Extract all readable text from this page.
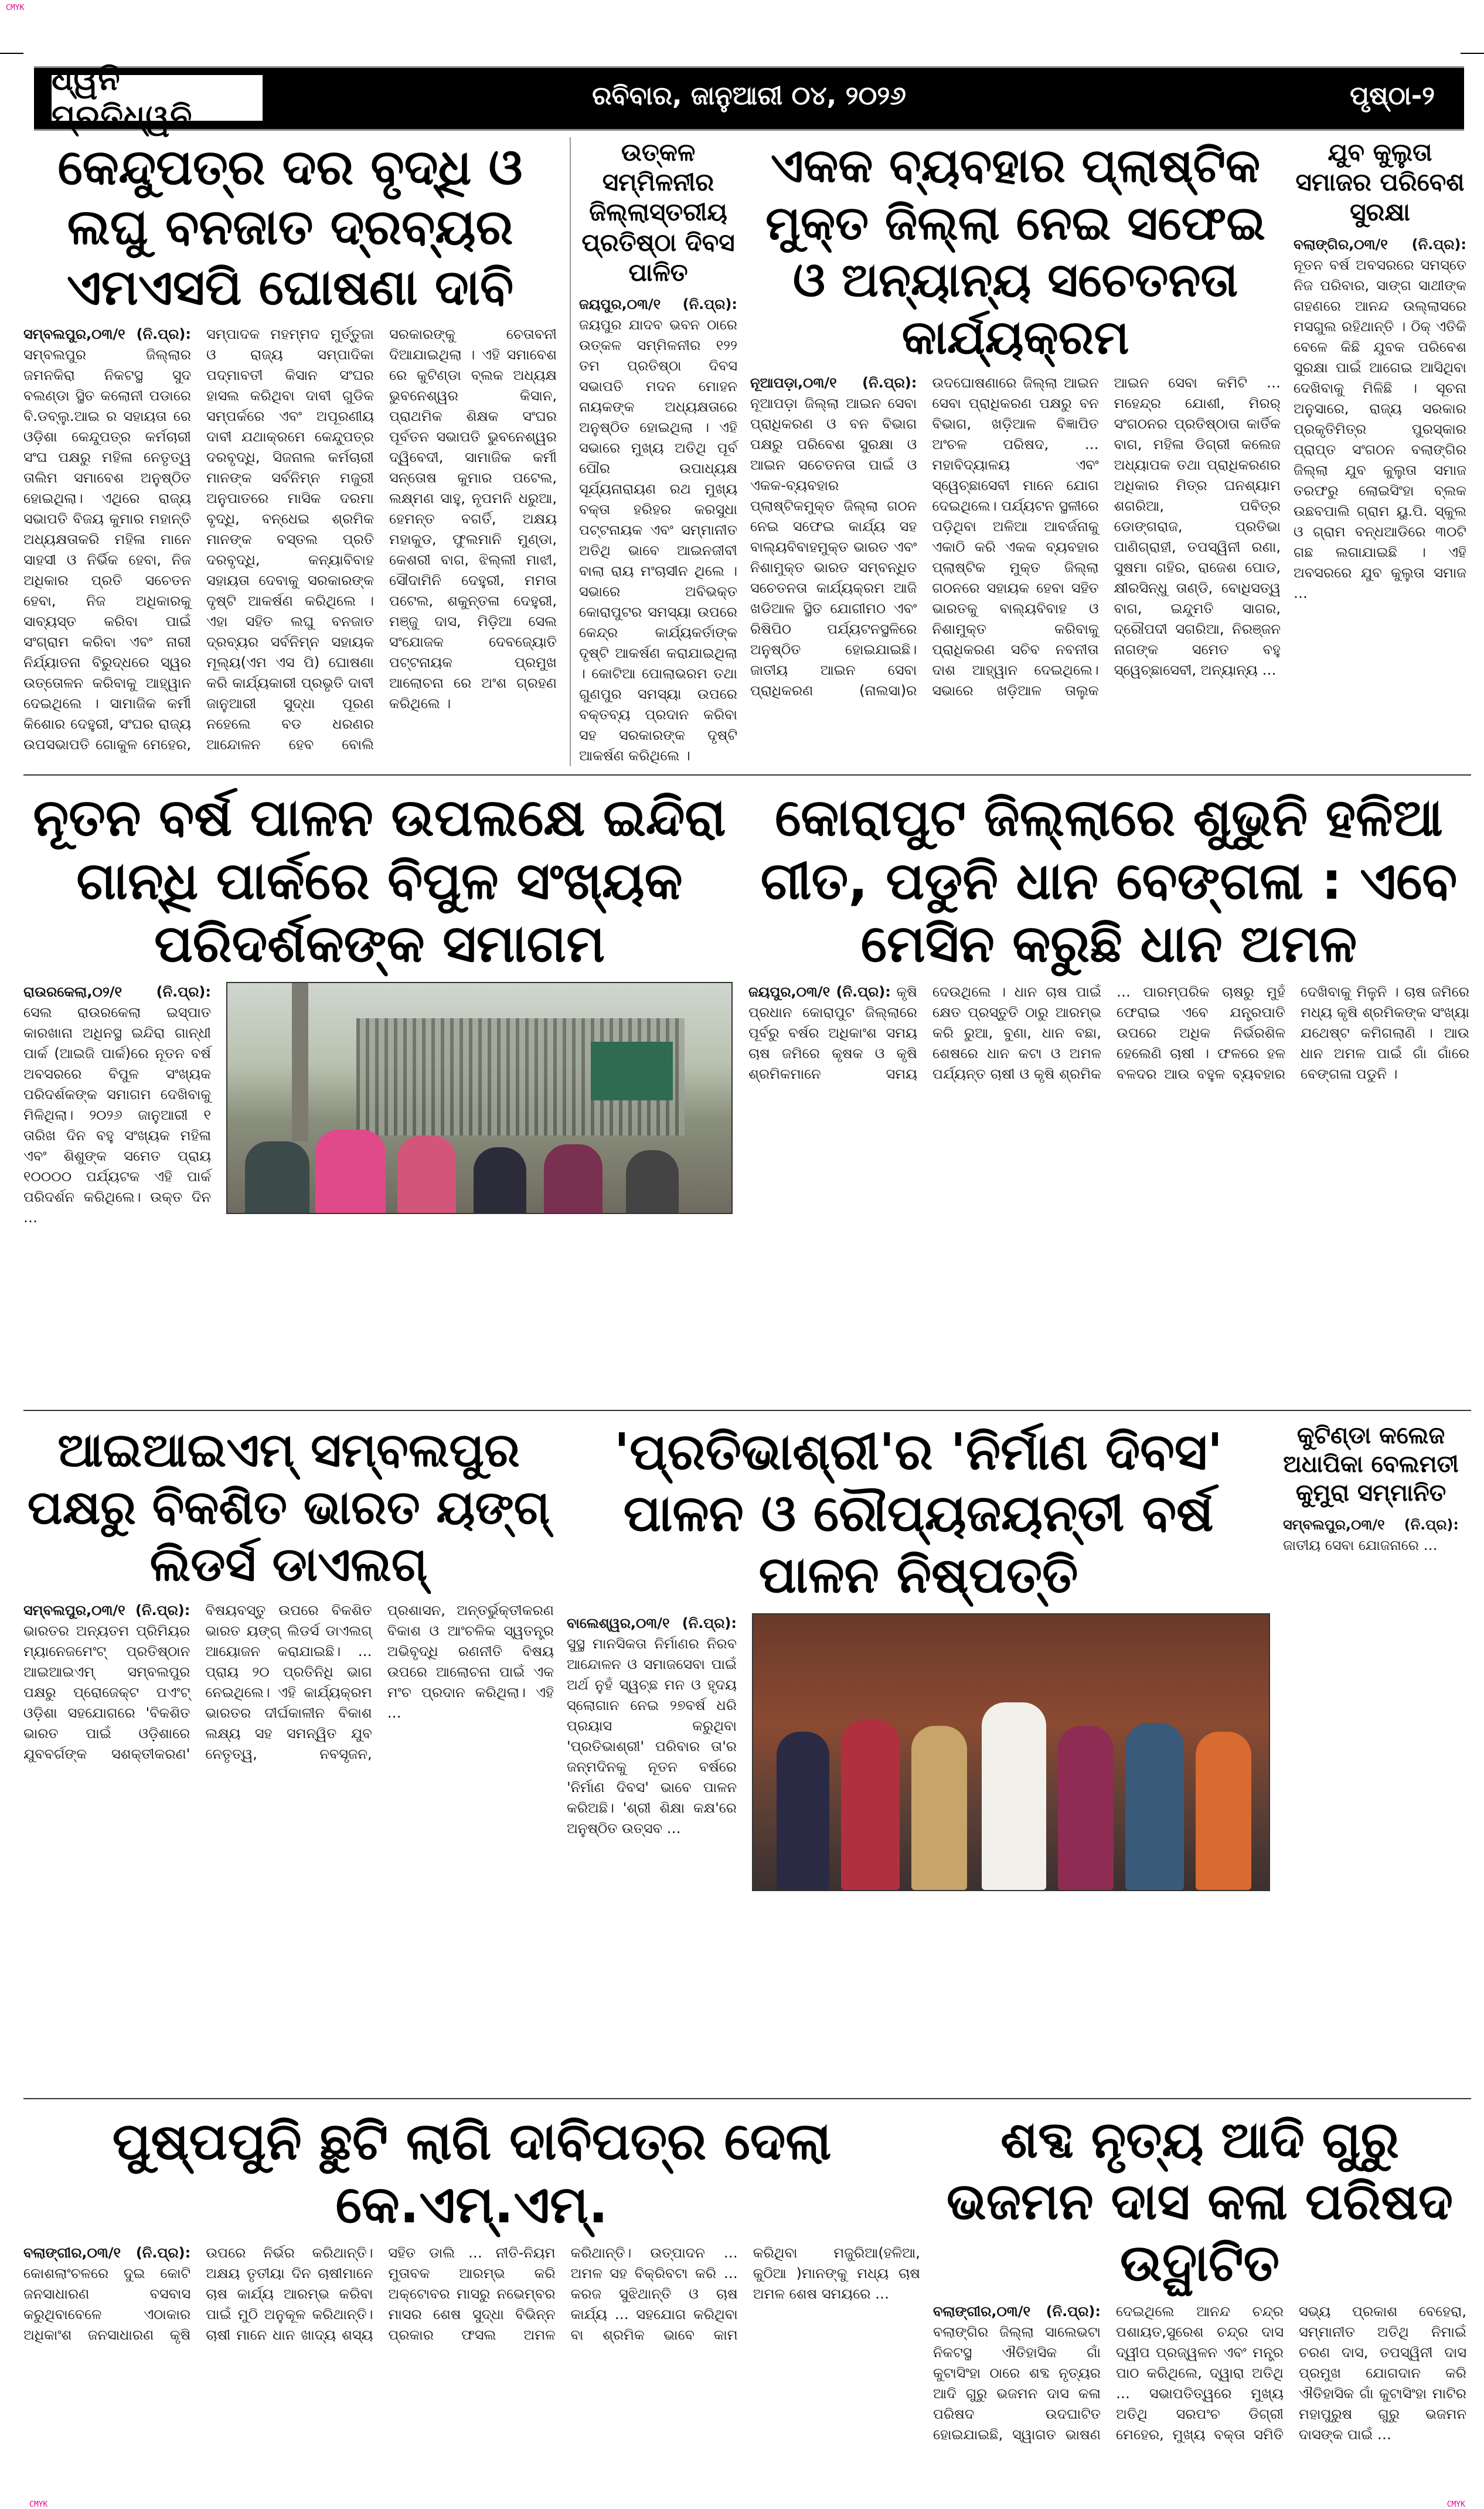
CMYK
ଧ୍ୱନି ପ୍ରତିଧ୍ୱନି
ରବିବାର, ଜାନୁଆରୀ ୦୪, ୨୦୨୬	ପୃଷ୍ଠା-୨
କେନ୍ଦୁପତ୍ର ଦର ବୃଦ୍ଧି ଓ ଲଘୁ ବନଜାତ ଦ୍ରବ୍ୟର ଏମଏସପି ଘୋଷଣା ଦାବି
ସମ୍ବଲପୁର,୦୩/୧ (ନି.ପ୍ର): ସମ୍ବଲପୁର ଜିଲ୍ଲାର ଜମନକିରା ନିକଟସ୍ଥ ସୁଦ ବଲଣ୍ଡା ସ୍ଥିତ କଲୋନୀ ପଡାରେ ବି.ଡବ୍ଲୁ.ଆଇ ର ସହାୟତା ରେ ଓଡ଼ିଶା କେନ୍ଦୁପତ୍ର କର୍ମଚାରୀ ସଂଘ ପକ୍ଷରୁ ମହିଳା ନେତୃତ୍ୱ ତାଲିମ ସମାବେଶ ଅନୁଷ୍ଠିତ ହୋଇଥିଲା। ଏଥିରେ ରାଜ୍ୟ ସଭାପତି ବିଜୟ କୁମାର ମହାନ୍ତି ଅଧ୍ୟକ୍ଷତାକରି ମହିଳା ମାନେ ସାହସୀ ଓ ନିର୍ଭିକ ହେବା, ନିଜ ଅଧିକାର ପ୍ରତି ସଚେତନ ହେବା, ନିଜ ଅଧିକାରକୁ ସାବ୍ୟସ୍ତ କରିବା ପାଇଁ ସଂଗ୍ରାମ କରିବା ଏବଂ ନାରୀ ନିର୍ଯ୍ୟାତନା ବିରୁଦ୍ଧରେ ସ୍ୱର ଉତ୍ତୋଳନ କରିବାକୁ ଆହ୍ୱାନ ଦେଇଥିଲେ । ସାମାଜିକ କର୍ମୀ କିଶୋର ଦେହୁରୀ, ସଂଘର ରାଜ୍ୟ ଉପସଭାପତି ଗୋକୁଳ ମେହେର, ସମ୍ପାଦକ ମହମ୍ମଦ ମୁର୍ତ୍ତୁଜା ଓ ରାଜ୍ୟ ସମ୍ପାଦିକା ପଦ୍ମାବତୀ କିସାନ ସଂଘର ହାସଲ କରିଥିବା ଦାବୀ ଗୁଡିକ ସମ୍ପର୍କରେ ଏବଂ ଅପୂରଣୀୟ ଦାବୀ ଯଥାକ୍ରମେ କେନ୍ଦୁପତ୍ର ଦରବୃଦ୍ଧି, ସିଜନାଲ କର୍ମଚାରୀ ମାନଙ୍କ ସର୍ବନିମ୍ନ ମଜୁରୀ ଅନୁପାତରେ ମାସିକ ଦରମା ବୃଦ୍ଧି, ବନ୍ଧେଇ ଶ୍ରମିକ ମାନଙ୍କ ବସ୍ତଲ ପ୍ରତି ଦରବୃଦ୍ଧି, କନ୍ୟାବିବାହ ସହାୟତା ଦେବାକୁ ସରକାରଙ୍କ ଦୃଷ୍ଟି ଆକର୍ଷଣ କରିଥିଲେ । ଏହା ସହିତ ଲଘୁ ବନଜାତ ଦ୍ରବ୍ୟର ସର୍ବନିମ୍ନ ସହାୟକ ମୂଲ୍ୟ(ଏମ ଏସ ପି) ଘୋଷଣା କରି କାର୍ଯ୍ୟକାରୀ ପ୍ରଭୃତି ଦାବୀ ଜାନୁଆରୀ ସୁଦ୍ଧା ପୂରଣ ନହେଲେ ବଡ ଧରଣର ଆନ୍ଦୋଳନ ହେବ ବୋଲି ସରକାରଙ୍କୁ ଚେତାବନୀ ଦିଆଯାଇଥିଲା । ଏହି ସମାବେଶ ରେ କୁଟିଣ୍ଡା ବ୍ଲକ ଅଧ୍ୟକ୍ଷ ଭୁବନେଶ୍ୱର କିସାନ, ପ୍ରାଥମିକ ଶିକ୍ଷକ ସଂଘର ପୂର୍ବତନ ସଭାପତି ଭୁବନେଶ୍ୱର ଦ୍ୱିବେଦୀ, ସାମାଜିକ କର୍ମୀ ସନ୍ତୋଷ କୁମାର ପଟେଲ, ଲକ୍ଷ୍ମଣ ସାହୁ, ନୃପମନି ଧରୁଆ, ହେମନ୍ତ ବଗର୍ତି, ଅକ୍ଷୟ ମହାକୁଡ, ଫୁଲମାନି ମୁଣ୍ଡା, କେଶରୀ ବାଗ, ଝିଲ୍ଲୀ ମାଝୀ, ସୌଦାମିନି ଦେହୁରୀ, ମମତା ପଟେଲ, ଶକୁନ୍ତଳା ଦେହୁରୀ, ମଞ୍ଜୁ ଦାସ, ମିଡ଼ିଆ ସେଲ ସଂଯୋଜକ ଦେବଜ୍ୟୋତି ପଟ୍ଟନାୟକ ପ୍ରମୁଖ ଆଲୋଚନା ରେ ଅଂଶ ଗ୍ରହଣ କରିଥିଲେ ।
ଉତ୍କଳ ସମ୍ମିଳନୀର ଜିଲ୍ଲାସ୍ତରୀୟ ପ୍ରତିଷ୍ଠା ଦିବସ ପାଳିତ
ଜୟପୁର,୦୩/୧ (ନି.ପ୍ର): ଜୟପୁର ଯାଦବ ଭବନ ଠାରେ ଉତ୍କଳ ସମ୍ମିଳନୀର ୧୨୨ ତମ ପ୍ରତିଷ୍ଠା ଦିବସ ସଭାପତି ମଦନ ମୋହନ ନାୟକଙ୍କ ଅଧ୍ୟକ୍ଷତାରେ ଅନୁଷ୍ଠିତ ହୋଇଥିଲା । ଏହି ସଭାରେ ମୁଖ୍ୟ ଅତିଥି ପୂର୍ବ ପୌର ଉପାଧ୍ୟକ୍ଷ ସୂର୍ଯ୍ୟନାରାୟଣ ରଥ ମୁଖ୍ୟ ବକ୍ତା ହରିହର କରସୁଧା ପଟ୍ଟନାୟକ ଏବଂ ସମ୍ମାନୀତ ଅତିଥି ଭାବେ ଆଇନଜୀବୀ ବାଲା ରାୟ ମଂଚାସୀନ ଥିଲେ । ସଭାରେ ଅବିଭକ୍ତ କୋରାପୁଟର ସମସ୍ୟା ଉପରେ କେନ୍ଦ୍ର କାର୍ଯ୍ୟକର୍ତାଙ୍କ ଦୃଷ୍ଟି ଆକର୍ଷଣ କରାଯାଇଥିଲା । କୋଟିଆ ପୋଲାଭରମ ତଥା ଗୁଣପୁର ସମସ୍ୟା ଉପରେ ବକ୍ତବ୍ୟ ପ୍ରଦାନ କରିବା ସହ ସରକାରଙ୍କ ଦୃଷ୍ଟି ଆକର୍ଷଣ କରିଥିଲେ ।
ଏକକ ବ୍ୟବହାର ପ୍ଲାଷ୍ଟିକ ମୁକ୍ତ ଜିଲ୍ଲା ନେଇ ସଫେଇ ଓ ଅନ୍ୟାନ୍ୟ ସଚେତନତା କାର୍ଯ୍ୟକ୍ରମ
ନୂଆପଡ଼ା,୦୩/୧ (ନି.ପ୍ର): ନୂଆପଡ଼ା ଜିଲ୍ଲା ଆଇନ ସେବା ପ୍ରାଧିକରଣ ଓ ବନ ବିଭାଗ ପକ୍ଷରୁ ପରିବେଶ ସୁରକ୍ଷା ଓ ଆଇନ ସଚେତନତା ପାଇଁ ଓ ଏକକ-ବ୍ୟବହାର ପ୍ଲାଷ୍ଟିକମୁକ୍ତ ଜିଲ୍ଲା ଗଠନ ନେଇ ସଫେଇ କାର୍ଯ୍ୟ ସହ ବାଲ୍ୟବିବାହମୁକ୍ତ ଭାରତ ଏବଂ ନିଶାମୁକ୍ତ ଭାରତ ସମ୍ବନ୍ଧିତ ସଚେତନତା କାର୍ଯ୍ୟକ୍ରମ ଆଜି ଖଡିଆଳ ସ୍ଥିତ ଯୋଗୀମଠ ଏବଂ ରିଷିପିଠ ପର୍ଯ୍ୟଟନସ୍ଥଳିରେ ଅନୁଷ୍ଠିତ ହୋଇଯାଇଛି। ଜାତୀୟ ଆଇନ ସେବା ପ୍ରାଧିକରଣ (ନାଲସା)ର ଉଦଘୋଷଣାରେ ଜିଲ୍ଲା ଆଇନ ସେବା ପ୍ରାଧିକରଣ ପକ୍ଷରୁ ବନ ବିଭାଗ, ଖଡ଼ିଆଳ ବିଜ୍ଞାପିତ ଅଂଚଳ ପରିଷଦ, … ମହାବିଦ୍ୟାଳୟ ଏବଂ ସ୍ୱେଚ୍ଛାସେବୀ ମାନେ ଯୋଗ ଦେଇଥିଲେ। ପର୍ଯ୍ୟଟନ ସ୍ଥଳୀରେ ପଡ଼ିଥିବା ଅଳିଆ ଆବର୍ଜନାକୁ ଏକାଠି କରି ଏକକ ବ୍ୟବହାର ପ୍ଲାଷ୍ଟିକ ମୁକ୍ତ ଜିଲ୍ଲା ଗଠନରେ ସହାୟକ ହେବା ସହିତ ଭାରତକୁ ବାଲ୍ୟବିବାହ ଓ ନିଶାମୁକ୍ତ କରିବାକୁ ପ୍ରାଧିକରଣ ସଚିବ ନବନୀତା ଦାଶ ଆହ୍ୱାନ ଦେଇଥିଲେ। ସଭାରେ ଖଡ଼ିଆଳ ତାଲୁକ ଆଇନ ସେବା କମିଟି … ମହେନ୍ଦ୍ର ଯୋଶୀ, ମିରର୍ ସଂଗଠନର ପ୍ରତିଷ୍ଠାତା କାର୍ତିକ ବାଗ, ମହିଳା ଡିଗ୍ରୀ କଲେଜ ଅଧ୍ୟାପକ ତଥା ପ୍ରାଧିକରଣର ଅଧିକାର ମିତ୍ର ଘନଶ୍ୟାମ ଶଗରିଆ, ପବିତ୍ର ଡୋଙ୍ଗରାଜ, ପ୍ରତିଭା ପାଣିଗ୍ରାହୀ, ତପସ୍ୱିନୀ ରଣା, ସୁଷମା ଗହିର, ରାଜେଶ ପୋଡ, କ୍ଷୀରସିନ୍ଧୁ ତାଣ୍ଡି, ବୋଧିସତ୍ୱ ବାଗ, ଇନ୍ଦୁମତି ସାଗର, ଦ୍ରୌପଦୀ ସଗରିଆ, ନିରଞ୍ଜନ ନାଗଙ୍କ ସମେତ ବହୁ ସ୍ୱେଚ୍ଛାସେବୀ, ଅନ୍ୟାନ୍ୟ …
ଯୁବ କୁଲୁତା ସମାଜର ପରିବେଶ ସୁରକ୍ଷା
ବଲାଙ୍ଗିର,୦୩/୧ (ନି.ପ୍ର): ନୂତନ ବର୍ଷ ଅବସରରେ ସମସ୍ତେ ନିଜ ପରିବାର, ସାଙ୍ଗ ସାଥୀଙ୍କ ଗହଣରେ ଆନନ୍ଦ ଉଲ୍ଲାସରେ ମସଗୁଲ ରହିଥାନ୍ତି । ଠିକ୍ ଏତିକି ବେଳେ କିଛି ଯୁବକ ପରିବେଶ ସୁରକ୍ଷା ପାଇଁ ଆଗେଇ ଆସିଥିବା ଦେଖିବାକୁ ମିଳିଛି । ସୂଚନା ଅନୁସାରେ, ରାଜ୍ୟ ସରକାର ପ୍ରକୃତିମିତ୍ର ପୁରସ୍କାର ପ୍ରାପ୍ତ ସଂଗଠନ ବଲାଙ୍ଗିର ଜିଲ୍ଲା ଯୁବ କୁଲୁତା ସମାଜ ତରଫରୁ ଲୋଇସିଂହା ବ୍ଲକ ଉଛବପାଲି ଗ୍ରାମ ୟୁ.ପି. ସ୍କୁଲ ଓ ଗ୍ରାମ ବନ୍ଧଆଡିରେ ୩୦ଟି ଗଛ ଲଗାଯାଇଛି । ଏହି ଅବସରରେ ଯୁବ କୁଲୁତା ସମାଜ …
ନୂତନ ବର୍ଷ ପାଳନ ଉପଲକ୍ଷେ ଇନ୍ଦିରା ଗାନ୍ଧି ପାର୍କରେ ବିପୁଳ ସଂଖ୍ୟକ ପରିଦର୍ଶକଙ୍କ ସମାଗମ
ରାଉରକେଲା,୦୨/୧ (ନି.ପ୍ର): ସେଲ ରାଉରକେଲା ଇସ୍ପାତ କାରଖାନା ଅଧିନସ୍ଥ ଇନ୍ଦିରା ଗାନ୍ଧୀ ପାର୍କ (ଆଇଜି ପାର୍କ)ରେ ନୂତନ ବର୍ଷ ଅବସରରେ ବିପୁଳ ସଂଖ୍ୟକ ପରିଦର୍ଶକଙ୍କ ସମାଗମ ଦେଖିବାକୁ ମିଳିଥିଲା। ୨୦୨୬ ଜାନୁଆରୀ ୧ ତାରିଖ ଦିନ ବହୁ ସଂଖ୍ୟକ ମହିଳା ଏବଂ ଶିଶୁଙ୍କ ସମେତ ପ୍ରାୟ ୧୦୦୦୦ ପର୍ଯ୍ୟଟକ ଏହି ପାର୍କ ପରିଦର୍ଶନ କରିଥିଲେ। ଉକ୍ତ ଦିନ …
କୋରାପୁଟ ଜିଲ୍ଲାରେ ଶୁଭୁନି ହଳିଆ ଗୀତ, ପଡୁନି ଧାନ ବେଙ୍ଗଳା : ଏବେ ମେସିନ କରୁଛି ଧାନ ଅମଳ
ଜୟପୁର,୦୩/୧ (ନି.ପ୍ର): କୃଷି ପ୍ରଧାନ କୋରାପୁଟ ଜିଲ୍ଲାରେ ପୂର୍ବରୁ ବର୍ଷର ଅଧିକାଂଶ ସମୟ ଚାଷ ଜମିରେ କୃଷକ ଓ କୃଷି ଶ୍ରମିକମାନେ ସମୟ ଦେଉଥିଲେ । ଧାନ ଚାଷ ପାଇଁ କ୍ଷେତ ପ୍ରସ୍ତୁତି ଠାରୁ ଆରମ୍ଭ କରି ରୁଆ, ବୁଣା, ଧାନ ବଛା, ଶେଷରେ ଧାନ କଟା ଓ ଅମଳ ପର୍ଯ୍ୟନ୍ତ ଚାଷୀ ଓ କୃଷି ଶ୍ରମିକ … ପାରମ୍ପରିକ ଚାଷରୁ ମୁହଁ ଫେରାଇ ଏବେ ଯନ୍ତ୍ରପାତି ଉପରେ ଅଧିକ ନିର୍ଭରଶିଳ ହେଲେଣି ଚାଷୀ । ଫଳରେ ହଳ ବଳଦର ଆଉ ବହୁଳ ବ୍ୟବହାର ଦେଖିବାକୁ ମିଳୁନି । ଚାଷ ଜମିରେ ମଧ୍ୟ କୃଷି ଶ୍ରମିକଙ୍କ ସଂଖ୍ୟା ଯଥେଷ୍ଟ କମିଗଲାଣି । ଆଉ ଧାନ ଅମଳ ପାଇଁ ଗାଁ ଗାଁରେ ବେଙ୍ଗଳା ପଡୁନି ।
ଆଇଆଇଏମ୍ ସମ୍ବଲପୁର ପକ୍ଷରୁ ବିକଶିତ ଭାରତ ୟଙ୍ଗ୍ ଲିଡର୍ସ ଡାଏଲଗ୍
ସମ୍ବଲପୁର,୦୩/୧ (ନି.ପ୍ର): ଭାରତର ଅନ୍ୟତମ ପ୍ରିମିୟର ମ୍ୟାନେଜମେଂଟ୍ ପ୍ରତିଷ୍ଠାନ ଆଇଆଇଏମ୍ ସମ୍ବଲପୁର ପକ୍ଷରୁ ପ୍ରୋଜେକ୍ଟ ପଏଂଟ୍ ଓଡ଼ିଶା ସହଯୋଗରେ 'ବିକଶିତ ଭାରତ ପାଇଁ ଓଡ଼ିଶାରେ ଯୁବବର୍ଗଙ୍କ ସଶକ୍ତୀକରଣ' ବିଷୟବସ୍ତୁ ଉପରେ ବିକଶିତ ଭାରତ ୟଙ୍ଗ୍ ଲିଡର୍ସ ଡାଏଲଗ୍ ଆୟୋଜନ କରାଯାଇଛି। … ପ୍ରାୟ ୨୦ ପ୍ରତିନିଧି ଭାଗ ନେଇଥିଲେ। ଏହି କାର୍ଯ୍ୟକ୍ରମ ଭାରତର ଦୀର୍ଘକାଳୀନ ବିକାଶ ଲକ୍ଷ୍ୟ ସହ ସମନ୍ୱିତ ଯୁବ ନେତୃତ୍ୱ, ନବସୃଜନ, ପ୍ରଶାସନ, ଅନ୍ତର୍ଭୁକ୍ତୀକରଣ ବିକାଶ ଓ ଆଂଚଳିକ ସ୍ୱତନ୍ତ୍ର ଅଭିବୃଦ୍ଧି ରଣନୀତି ବିଷୟ ଉପରେ ଆଲୋଚନା ପାଇଁ ଏକ ମଂଚ ପ୍ରଦାନ କରିଥିଲା। ଏହି …
'ପ୍ରତିଭାଶ୍ରୀ'ର 'ନିର୍ମାଣ ଦିବସ' ପାଳନ ଓ ରୌପ୍ୟଜୟନ୍ତୀ ବର୍ଷ ପାଳନ ନିଷ୍ପତ୍ତି
ବାଲେଶ୍ୱର,୦୩/୧ (ନି.ପ୍ର): ସୁସ୍ଥ ମାନସିକତା ନିର୍ମାଣର ନିରବ ଆନ୍ଦୋଳନ ଓ ସମାଜସେବା ପାଇଁ ଅର୍ଥ ନୁହଁ ସ୍ୱଚ୍ଛ ମନ ଓ ହୃଦୟ ସ୍ଲୋଗାନ ନେଇ ୨୭ବର୍ଷ ଧରି ପ୍ରୟାସ କରୁଥିବା 'ପ୍ରତିଭାଶ୍ରୀ' ପରିବାର ତା'ର ଜନ୍ମଦିନକୁ ନୂତନ ବର୍ଷରେ 'ନିର୍ମାଣ ଦିବସ' ଭାବେ ପାଳନ କରିଅଛି। 'ଶ୍ରୀ ଶିକ୍ଷା କକ୍ଷ'ରେ ଅନୁଷ୍ଠିତ ଉତ୍ସବ …
କୁଟିଣ୍ଡା କଲେଜ ଅଧାପିକା ବେଲମତୀ କୁମୁରା ସମ୍ମାନିତ
ସମ୍ବଲପୁର,୦୩/୧ (ନି.ପ୍ର): ଜାତୀୟ ସେବା ଯୋଜନାରେ …
ପୁଷ୍ପପୁନି ଛୁଟି ଲାଗି ଦାବିପତ୍ର ଦେଲା କେ.ଏମ୍.ଏମ୍.
ବଲାଙ୍ଗୀର,୦୩/୧ (ନି.ପ୍ର): କୋଶଲାଂଚଳରେ ଦୁଇ କୋଟି ଜନସାଧାରଣ ବସବାସ କରୁଥିବାବେଳେ ଏଠାକାର ଅଧିକାଂଶ ଜନସାଧାରଣ କୃଷି ଉପରେ ନିର୍ଭର କରିଥାନ୍ତି। ଅକ୍ଷୟ ତୃତୀୟା ଦିନ ଚାଷୀମାନେ ଚାଷ କାର୍ଯ୍ୟ ଆରମ୍ଭ କରିବା ପାଇଁ ମୁଠି ଅନୁକୂଳ କରିଥାନ୍ତି। ଚାଷୀ ମାନେ ଧାନ ଖାଦ୍ୟ ଶସ୍ୟ ସହିତ ଡାଲି … ନୀତି-ନିୟମ ମୁତାବକ ଆରମ୍ଭ କରି ଅକ୍ଟୋବର ମାସରୁ ନଭେମ୍ବର ମାସର ଶେଷ ସୁଦ୍ଧା ବିଭିନ୍ନ ପ୍ରକାର ଫସଲ ଅମଳ କରିଥାନ୍ତି। ଉତ୍ପାଦନ … ଅମଳ ସହ ବିକ୍ରିବଟା କରି … କରଜ ସୁଝିଥାନ୍ତି ଓ ଚାଷ କାର୍ଯ୍ୟ … ସହଯୋଗ କରିଥିବା ବା ଶ୍ରମିକ ଭାବେ କାମ କରିଥିବା ମଜୁରିଆ(ହଳିଆ, କୁଠିଆ )ମାନଙ୍କୁ ମଧ୍ୟ ଚାଷ ଅମଳ ଶେଷ ସମୟରେ …
ଶବ୍ଦ ନୃତ୍ୟ ଆଦି ଗୁରୁ ଭଜମନ ଦାସ କଳା ପରିଷଦ ଉଦ୍ଘାଟିତ
ବଲାଙ୍ଗୀର,୦୩/୧ (ନି.ପ୍ର): ବଲାଙ୍ଗିର ଜିଲ୍ଲା ସାଲେଭଟା ନିକଟସ୍ଥ ଐତିହାସିକ ଗାଁ କୁଟାସିଂହା ଠାରେ ଶବ୍ଦ ନୃତ୍ୟର ଆଦି ଗୁରୁ ଭଜମନ ଦାସ କଳା ପରିଷଦ ଉଦଘାଟିତ ହୋଇଯାଇଛି, ସ୍ୱାଗତ ଭାଷଣ ଦେଇଥିଲେ ଆନନ୍ଦ ଚନ୍ଦ୍ର ପଶାୟତ,ସୁରେଶ ଚନ୍ଦ୍ର ଦାସ ଦ୍ୱୀପ ପ୍ରଜ୍ୱଳନ ଏବଂ ମନ୍ତ୍ର ପାଠ କରିଥିଲେ, ଦ୍ୱାରା ଅତିଥି … ସଭାପତିତ୍ୱରେ ମୁଖ୍ୟ ଅତିଥି ସରପଂଚ ଡିଗ୍ରୀ ମେହେର, ମୁଖ୍ୟ ବକ୍ତା ସମିତି ସଭ୍ୟ ପ୍ରକାଶ ବେହେରା, ସମ୍ମାନୀତ ଅତିଥି ନିମାଇଁ ଚରଣ ଦାସ, ତପସ୍ୱିନୀ ଦାସ ପ୍ରମୁଖ ଯୋଗଦାନ କରି ଐତିହାସିକ ଗାଁ କୁଟାସିଂହା ମାଟିର ମହାପୁରୁଷ ଗୁରୁ ଭଜମନ ଦାସଙ୍କ ପାଇଁ …
CMYK	CMYK
